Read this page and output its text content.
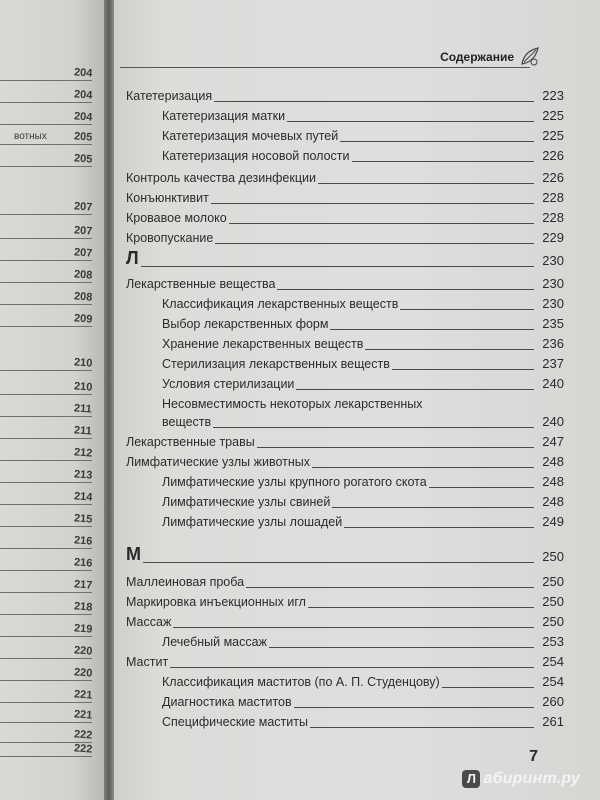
204
204
204
вотных 205
205
207
207
207
208
208
209
210
210
211
211
212
213
214
215
216
216
217
218
219
220
220
221
221
222
222
Содержание
Катетеризация	223
Катетеризация матки	225
Катетеризация мочевых путей	225
Катетеризация носовой полости	226
Контроль качества дезинфекции	226
Конъюнктивит	228
Кровавое молоко	228
Кровопускание	229
Л	230
Лекарственные вещества	230
Классификация лекарственных веществ	230
Выбор лекарственных форм	235
Хранение лекарственных веществ	236
Стерилизация лекарственных веществ	237
Условия стерилизации	240
Несовместимость некоторых лекарственных
веществ	240
Лекарственные травы	247
Лимфатические узлы животных	248
Лимфатические узлы крупного рогатого скота	248
Лимфатические узлы свиней	248
Лимфатические узлы лошадей	249
М	250
Маллеиновая проба	250
Маркировка инъекционных игл	250
Массаж	250
Лечебный массаж	253
Мастит	254
Классификация маститов (по А. П. Студенцову)	254
Диагностика маститов	260
Специфические маститы	261
7
Л абиринт.ру
